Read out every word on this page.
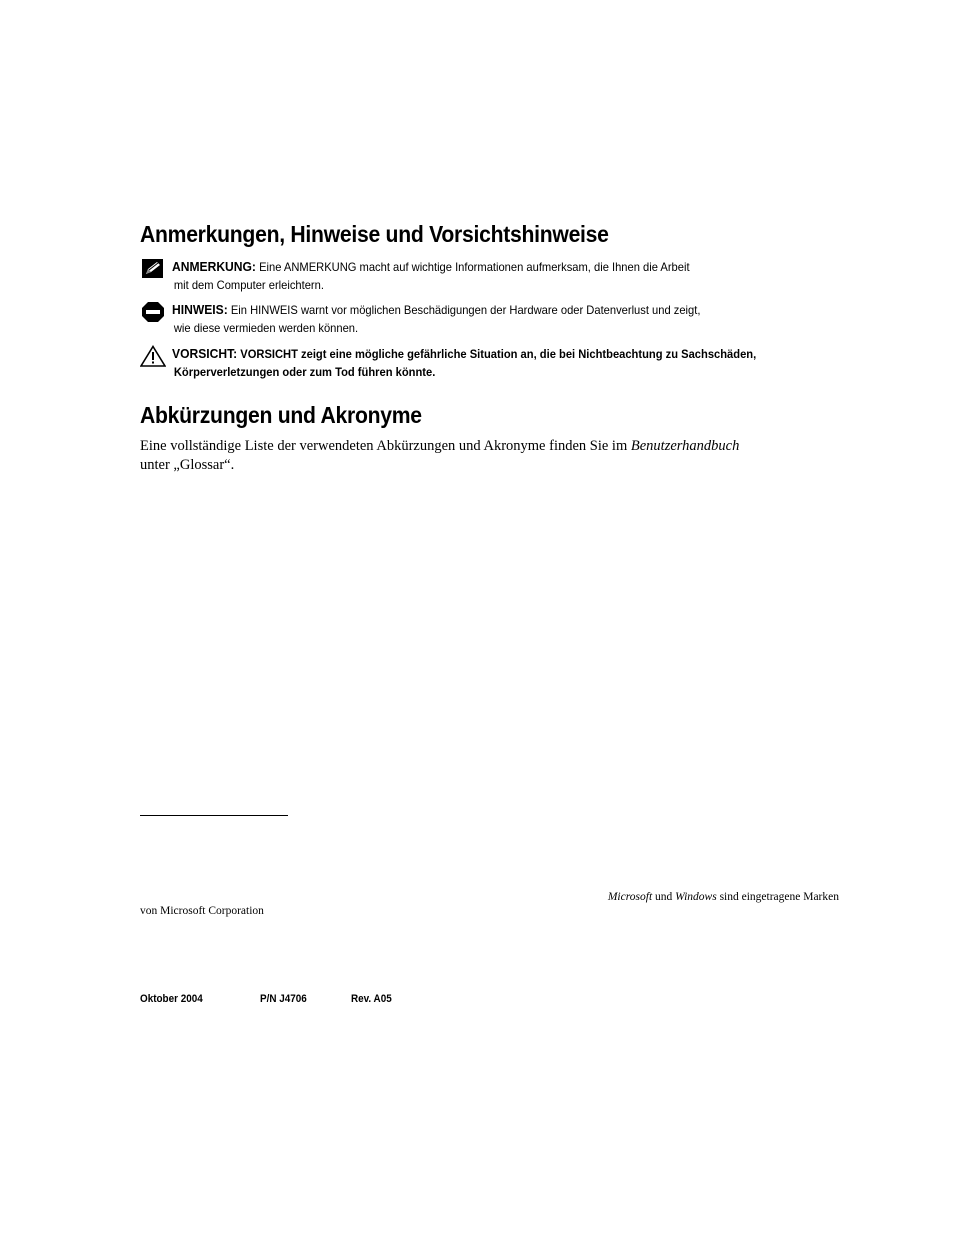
Anmerkungen, Hinweise und Vorsichtshinweise
ANMERKUNG: Eine ANMERKUNG macht auf wichtige Informationen aufmerksam, die Ihnen die Arbeit
mit dem Computer erleichtern.
HINWEIS: Ein HINWEIS warnt vor möglichen Beschädigungen der Hardware oder Datenverlust und zeigt,
wie diese vermieden werden können.
VORSICHT: VORSICHT zeigt eine mögliche gefährliche Situation an, die bei Nichtbeachtung zu Sachschäden,
Körperverletzungen oder zum Tod führen könnte.
Abkürzungen und Akronyme
Eine vollständige Liste der verwendeten Abkürzungen und Akronyme finden Sie im Benutzerhandbuch
unter „Glossar“.
Microsoft und Windows sind eingetragene Marken
von Microsoft Corporation
Oktober 2004	P/N J4706	Rev. A05
